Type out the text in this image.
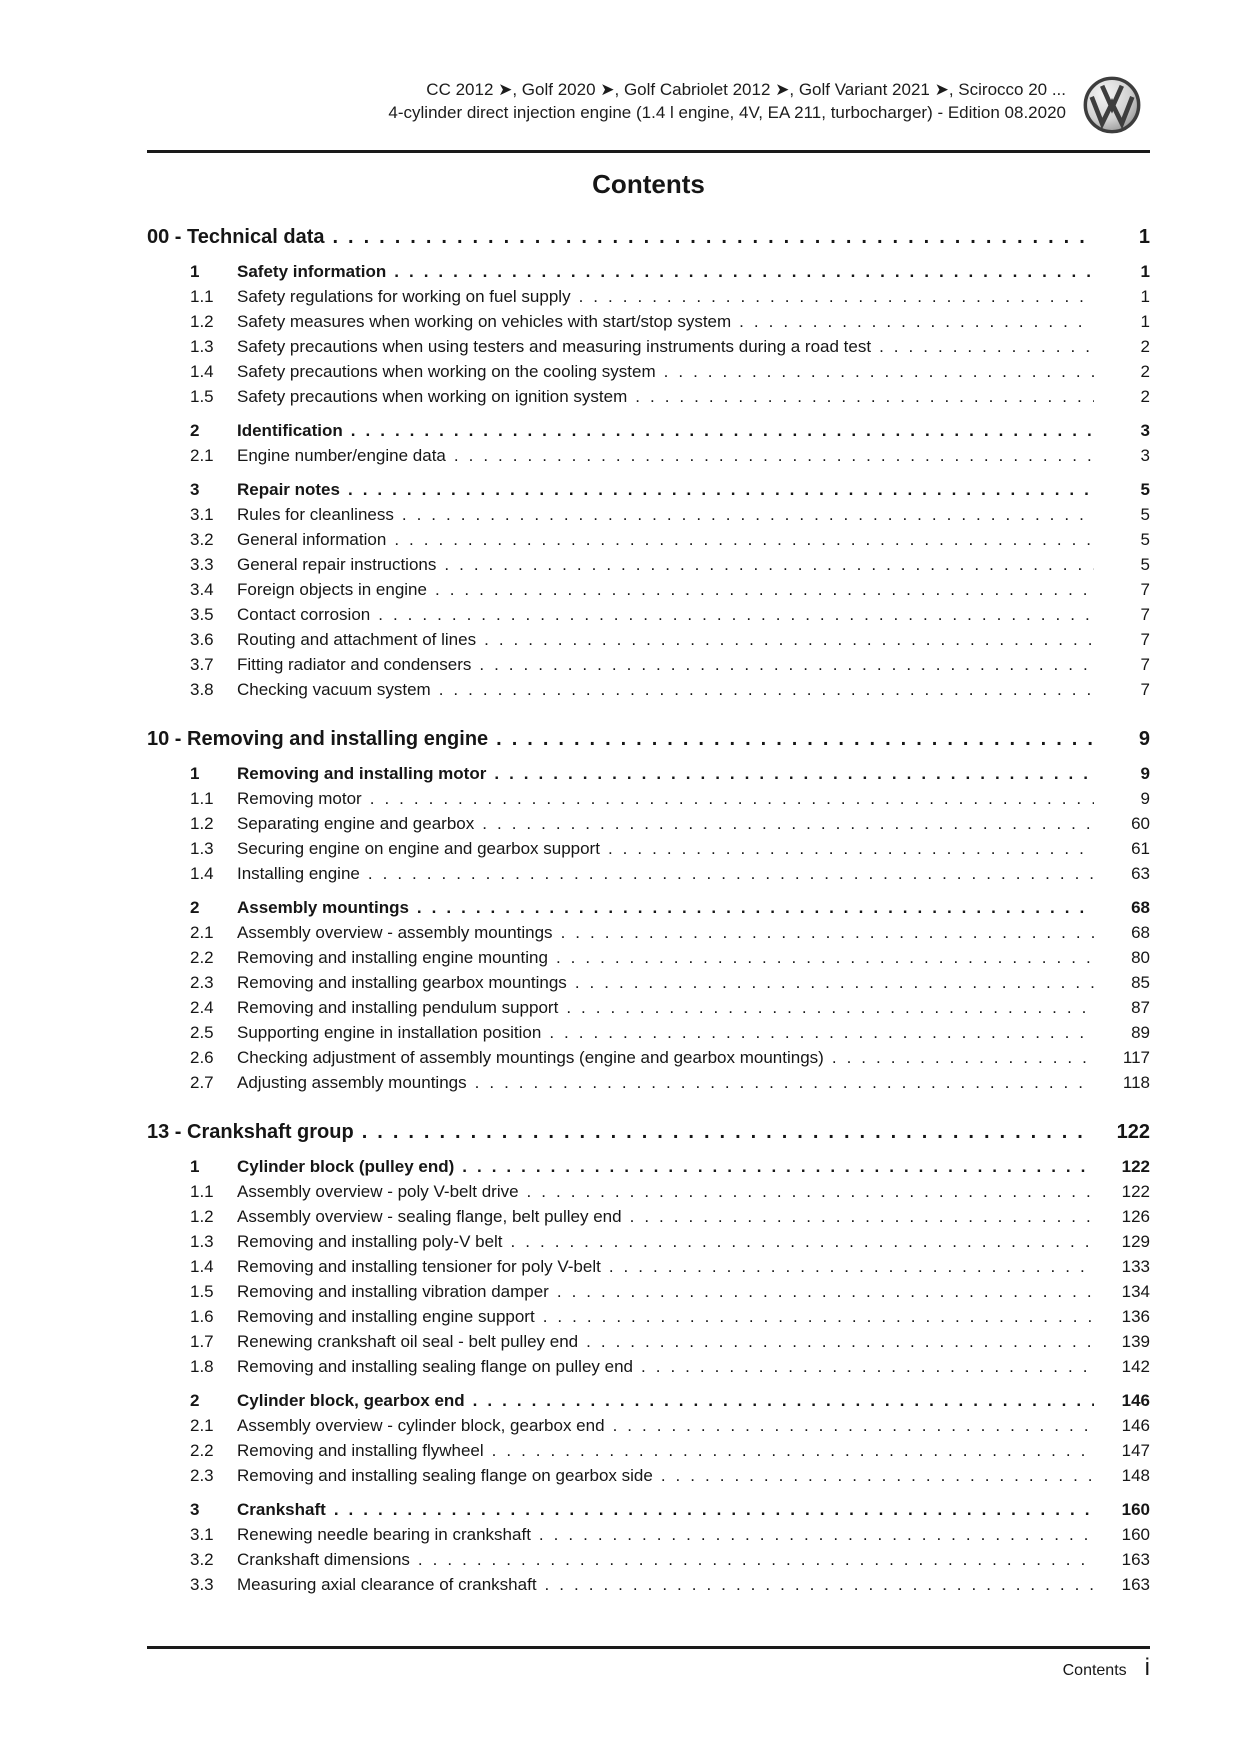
CC 2012 ➤, Golf 2020 ➤, Golf Cabriolet 2012 ➤, Golf Variant 2021 ➤, Scirocco 20 ...
4-cylinder direct injection engine (1.4 l engine, 4V, EA 211, turbocharger) - Edition 08.2020
Contents
00 - Technical data .....	1
1	Safety information .....	1
1.1	Safety regulations for working on fuel supply .....	1
1.2	Safety measures when working on vehicles with start/stop system .....	1
1.3	Safety precautions when using testers and measuring instruments during a road test .....	2
1.4	Safety precautions when working on the cooling system .....	2
1.5	Safety precautions when working on ignition system .....	2
2	Identification .....	3
2.1	Engine number/engine data .....	3
3	Repair notes .....	5
3.1	Rules for cleanliness .....	5
3.2	General information .....	5
3.3	General repair instructions .....	5
3.4	Foreign objects in engine .....	7
3.5	Contact corrosion .....	7
3.6	Routing and attachment of lines .....	7
3.7	Fitting radiator and condensers .....	7
3.8	Checking vacuum system .....	7
10 - Removing and installing engine .....	9
1	Removing and installing motor .....	9
1.1	Removing motor .....	9
1.2	Separating engine and gearbox .....	60
1.3	Securing engine on engine and gearbox support .....	61
1.4	Installing engine .....	63
2	Assembly mountings .....	68
2.1	Assembly overview - assembly mountings .....	68
2.2	Removing and installing engine mounting .....	80
2.3	Removing and installing gearbox mountings .....	85
2.4	Removing and installing pendulum support .....	87
2.5	Supporting engine in installation position .....	89
2.6	Checking adjustment of assembly mountings (engine and gearbox mountings) .....	117
2.7	Adjusting assembly mountings .....	118
13 - Crankshaft group .....	122
1	Cylinder block (pulley end) .....	122
1.1	Assembly overview - poly V-belt drive .....	122
1.2	Assembly overview - sealing flange, belt pulley end .....	126
1.3	Removing and installing poly-V belt .....	129
1.4	Removing and installing tensioner for poly V-belt .....	133
1.5	Removing and installing vibration damper .....	134
1.6	Removing and installing engine support .....	136
1.7	Renewing crankshaft oil seal - belt pulley end .....	139
1.8	Removing and installing sealing flange on pulley end .....	142
2	Cylinder block, gearbox end .....	146
2.1	Assembly overview - cylinder block, gearbox end .....	146
2.2	Removing and installing flywheel .....	147
2.3	Removing and installing sealing flange on gearbox side .....	148
3	Crankshaft .....	160
3.1	Renewing needle bearing in crankshaft .....	160
3.2	Crankshaft dimensions .....	163
3.3	Measuring axial clearance of crankshaft .....	163
Contents i
